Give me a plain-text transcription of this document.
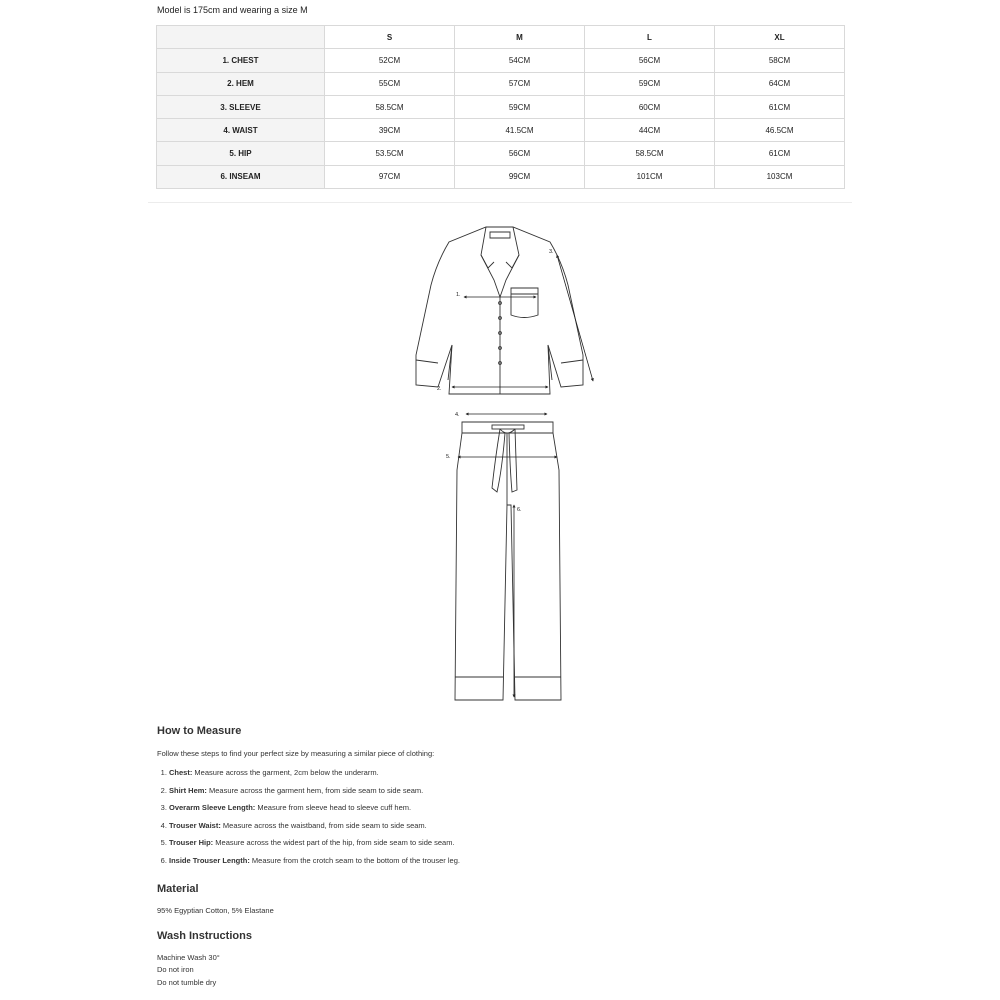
Model is 175cm and wearing a size M
	S	M	L	XL
1. CHEST	52CM	54CM	56CM	58CM
2. HEM	55CM	57CM	59CM	64CM
3. SLEEVE	58.5CM	59CM	60CM	61CM
4. WAIST	39CM	41.5CM	44CM	46.5CM
5. HIP	53.5CM	56CM	58.5CM	61CM
6. INSEAM	97CM	99CM	101CM	103CM
1.
2.
3.
4.
5.
6.
How to Measure

Follow these steps to find your perfect size by measuring a similar piece of clothing:

1. Chest: Measure across the garment, 2cm below the underarm.
2. Shirt Hem: Measure across the garment hem, from side seam to side seam.
3. Overarm Sleeve Length: Measure from sleeve head to sleeve cuff hem.
4. Trouser Waist: Measure across the waistband, from side seam to side seam.
5. Trouser Hip: Measure across the widest part of the hip, from side seam to side seam.
6. Inside Trouser Length: Measure from the crotch seam to the bottom of the trouser leg.
Material
95% Egyptian Cotton, 5% Elastane
Wash Instructions
Machine Wash 30°
Do not iron
Do not tumble dry
